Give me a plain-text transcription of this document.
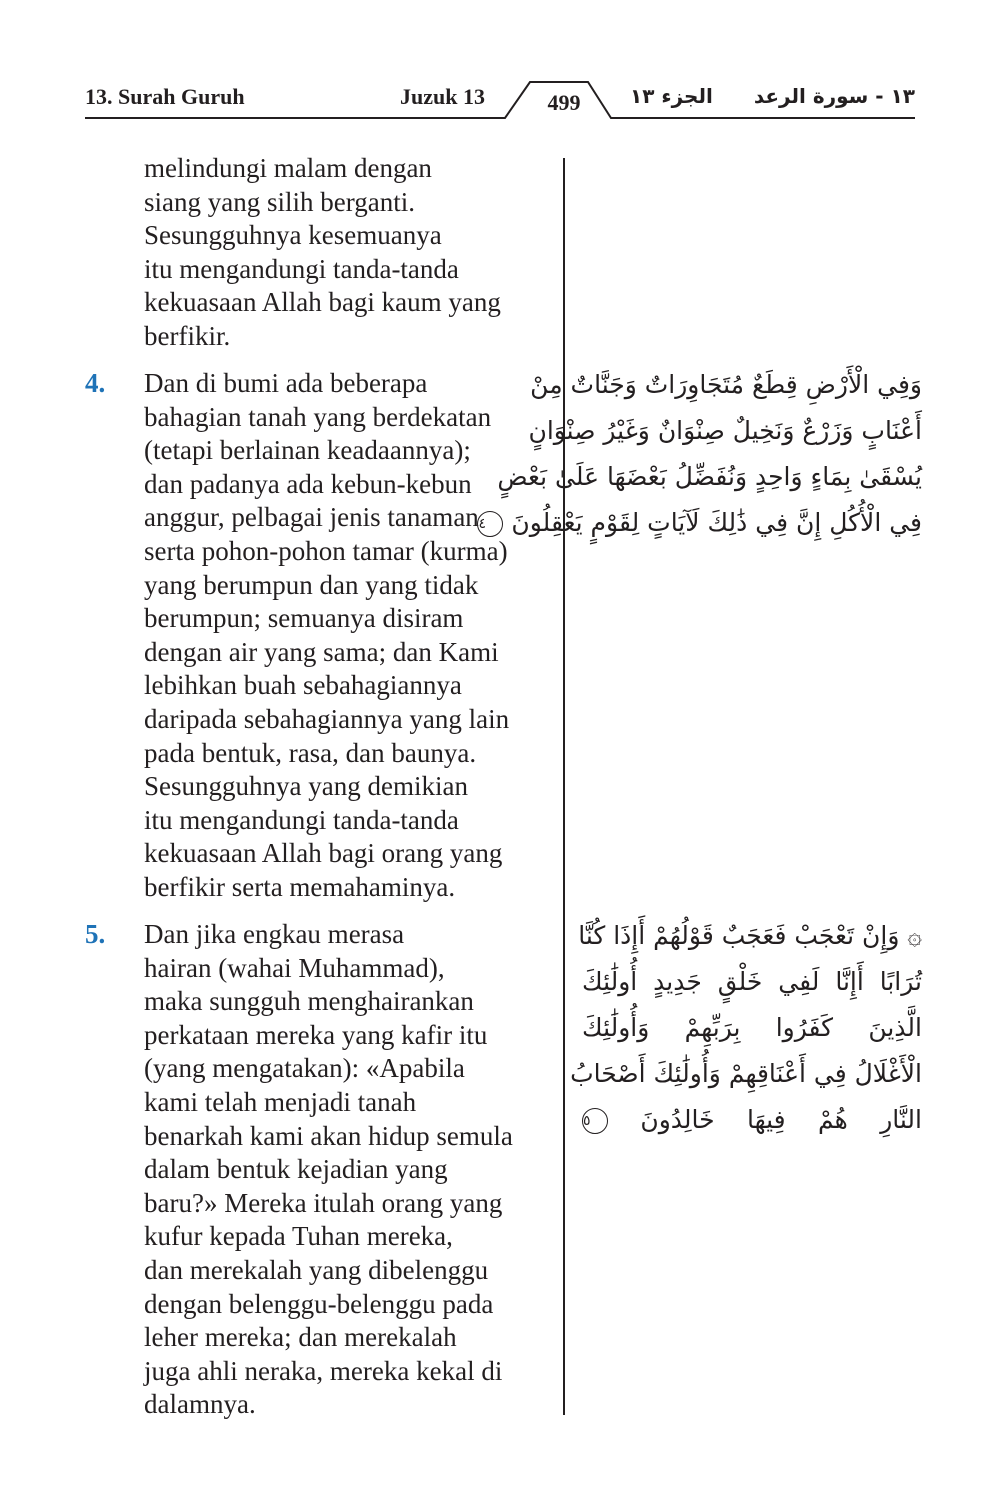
13. Surah Guruh	Juzuk 13	499	الجزء ١٣ ١٣ - سورة الرعد
melindungi malam dengan
siang yang silih berganti.
Sesungguhnya kesemuanya
itu mengandungi tanda-tanda
kekuasaan Allah bagi kaum yang
berfikir.
4. Dan di bumi ada beberapa
bahagian tanah yang berdekatan
(tetapi berlainan keadaannya);
dan padanya ada kebun-kebun
anggur, pelbagai jenis tanaman
serta pohon-pohon tamar (kurma)
yang berumpun dan yang tidak
berumpun; semuanya disiram
dengan air yang sama; dan Kami
lebihkan buah sebahagiannya
daripada sebahagiannya yang lain
pada bentuk, rasa, dan baunya.
Sesungguhnya yang demikian
itu mengandungi tanda-tanda
kekuasaan Allah bagi orang yang
berfikir serta memahaminya.
وَفِي الْأَرْضِ قِطَعٌ مُتَجَاوِرَاتٌ وَجَنَّاتٌ مِنْ
أَعْنَابٍ وَزَرْعٌ وَنَخِيلٌ صِنْوَانٌ وَغَيْرُ صِنْوَانٍ
يُسْقَىٰ بِمَاءٍ وَاحِدٍ وَنُفَضِّلُ بَعْضَهَا عَلَىٰ بَعْضٍ
فِي الْأُكُلِ إِنَّ فِي ذَٰلِكَ لَآيَاتٍ لِقَوْمٍ يَعْقِلُونَ ٤
5. Dan jika engkau merasa
hairan (wahai Muhammad),
maka sungguh menghairankan
perkataan mereka yang kafir itu
(yang mengatakan): «Apabila
kami telah menjadi tanah
benarkah kami akan hidup semula
dalam bentuk kejadian yang
baru?» Mereka itulah orang yang
kufur kepada Tuhan mereka,
dan merekalah yang dibelenggu
dengan belenggu-belenggu pada
leher mereka; dan merekalah
juga ahli neraka, mereka kekal di
dalamnya.
۞ وَإِنْ تَعْجَبْ فَعَجَبٌ قَوْلُهُمْ أَإِذَا كُنَّا
تُرَابًا أَإِنَّا لَفِي خَلْقٍ جَدِيدٍ أُولَٰئِكَ
الَّذِينَ كَفَرُوا بِرَبِّهِمْ وَأُولَٰئِكَ
الْأَغْلَالُ فِي أَعْنَاقِهِمْ وَأُولَٰئِكَ أَصْحَابُ
النَّارِ هُمْ فِيهَا خَالِدُونَ ٥
